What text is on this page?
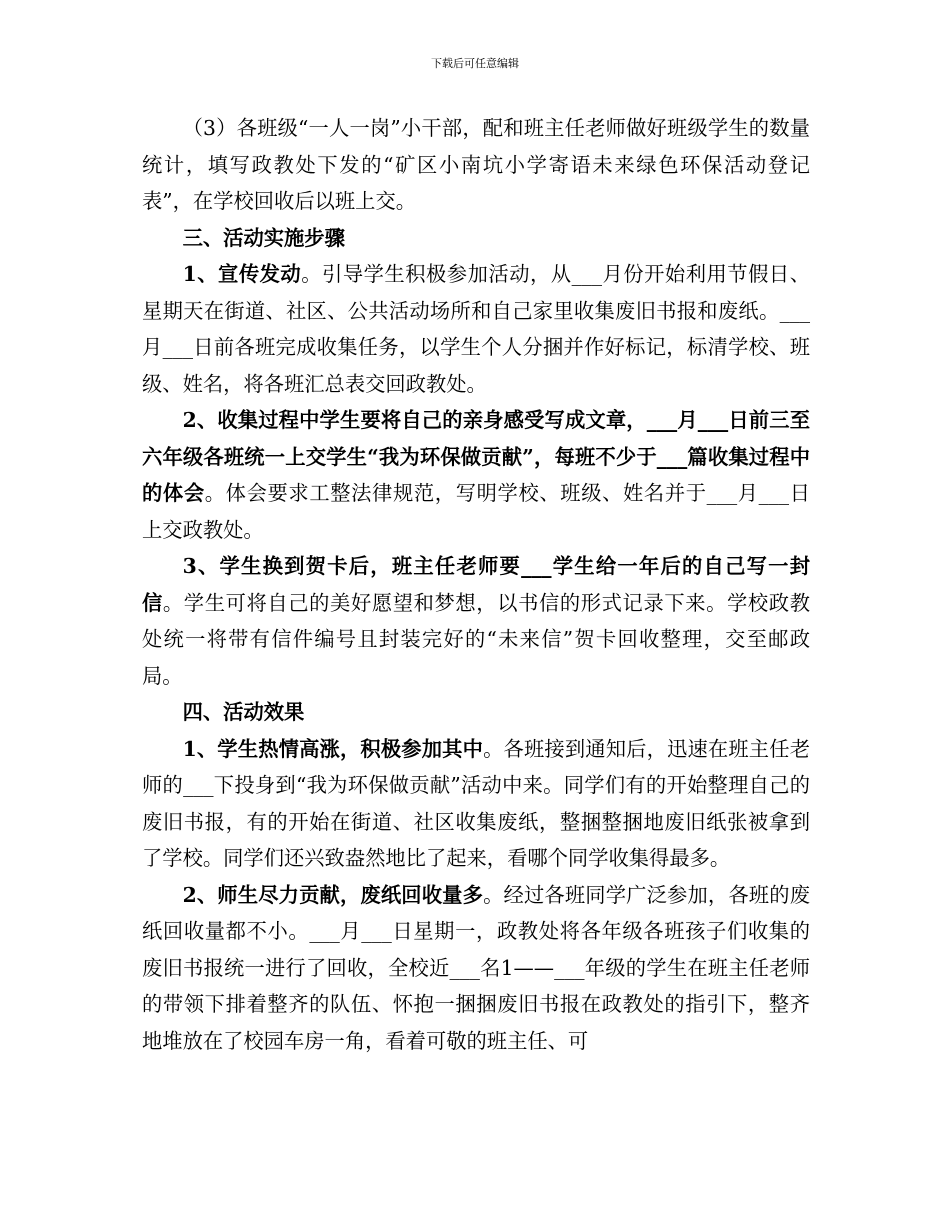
下载后可任意编辑

（3）各班级“一人一岗”小干部，配和班主任老师做好班级学生的数量统计，填写政教处下发的“矿区小南坑小学寄语未来绿色环保活动登记表”，在学校回收后以班上交。

三、活动实施步骤

1、宣传发动。引导学生积极参加活动，从___月份开始利用节假日、星期天在街道、社区、公共活动场所和自己家里收集废旧书报和废纸。___月___日前各班完成收集任务，以学生个人分捆并作好标记，标清学校、班级、姓名，将各班汇总表交回政教处。

2、收集过程中学生要将自己的亲身感受写成文章，___月___日前三至六年级各班统一上交学生“我为环保做贡献”，每班不少于___篇收集过程中的体会。体会要求工整法律规范，写明学校、班级、姓名并于___月___日上交政教处。

3、学生换到贺卡后，班主任老师要___学生给一年后的自己写一封信。学生可将自己的美好愿望和梦想，以书信的形式记录下来。学校政教处统一将带有信件编号且封装完好的“未来信”贺卡回收整理，交至邮政局。

四、活动效果

1、学生热情高涨，积极参加其中。各班接到通知后，迅速在班主任老师的___下投身到“我为环保做贡献”活动中来。同学们有的开始整理自己的废旧书报，有的开始在街道、社区收集废纸，整捆整捆地废旧纸张被拿到了学校。同学们还兴致盎然地比了起来，看哪个同学收集得最多。

2、师生尽力贡献，废纸回收量多。经过各班同学广泛参加，各班的废纸回收量都不小。___月___日星期一，政教处将各年级各班孩子们收集的废旧书报统一进行了回收，全校近___名1——___年级的学生在班主任老师的带领下排着整齐的队伍、怀抱一捆捆废旧书报在政教处的指引下，整齐地堆放在了校园车房一角，看着可敬的班主任、可
